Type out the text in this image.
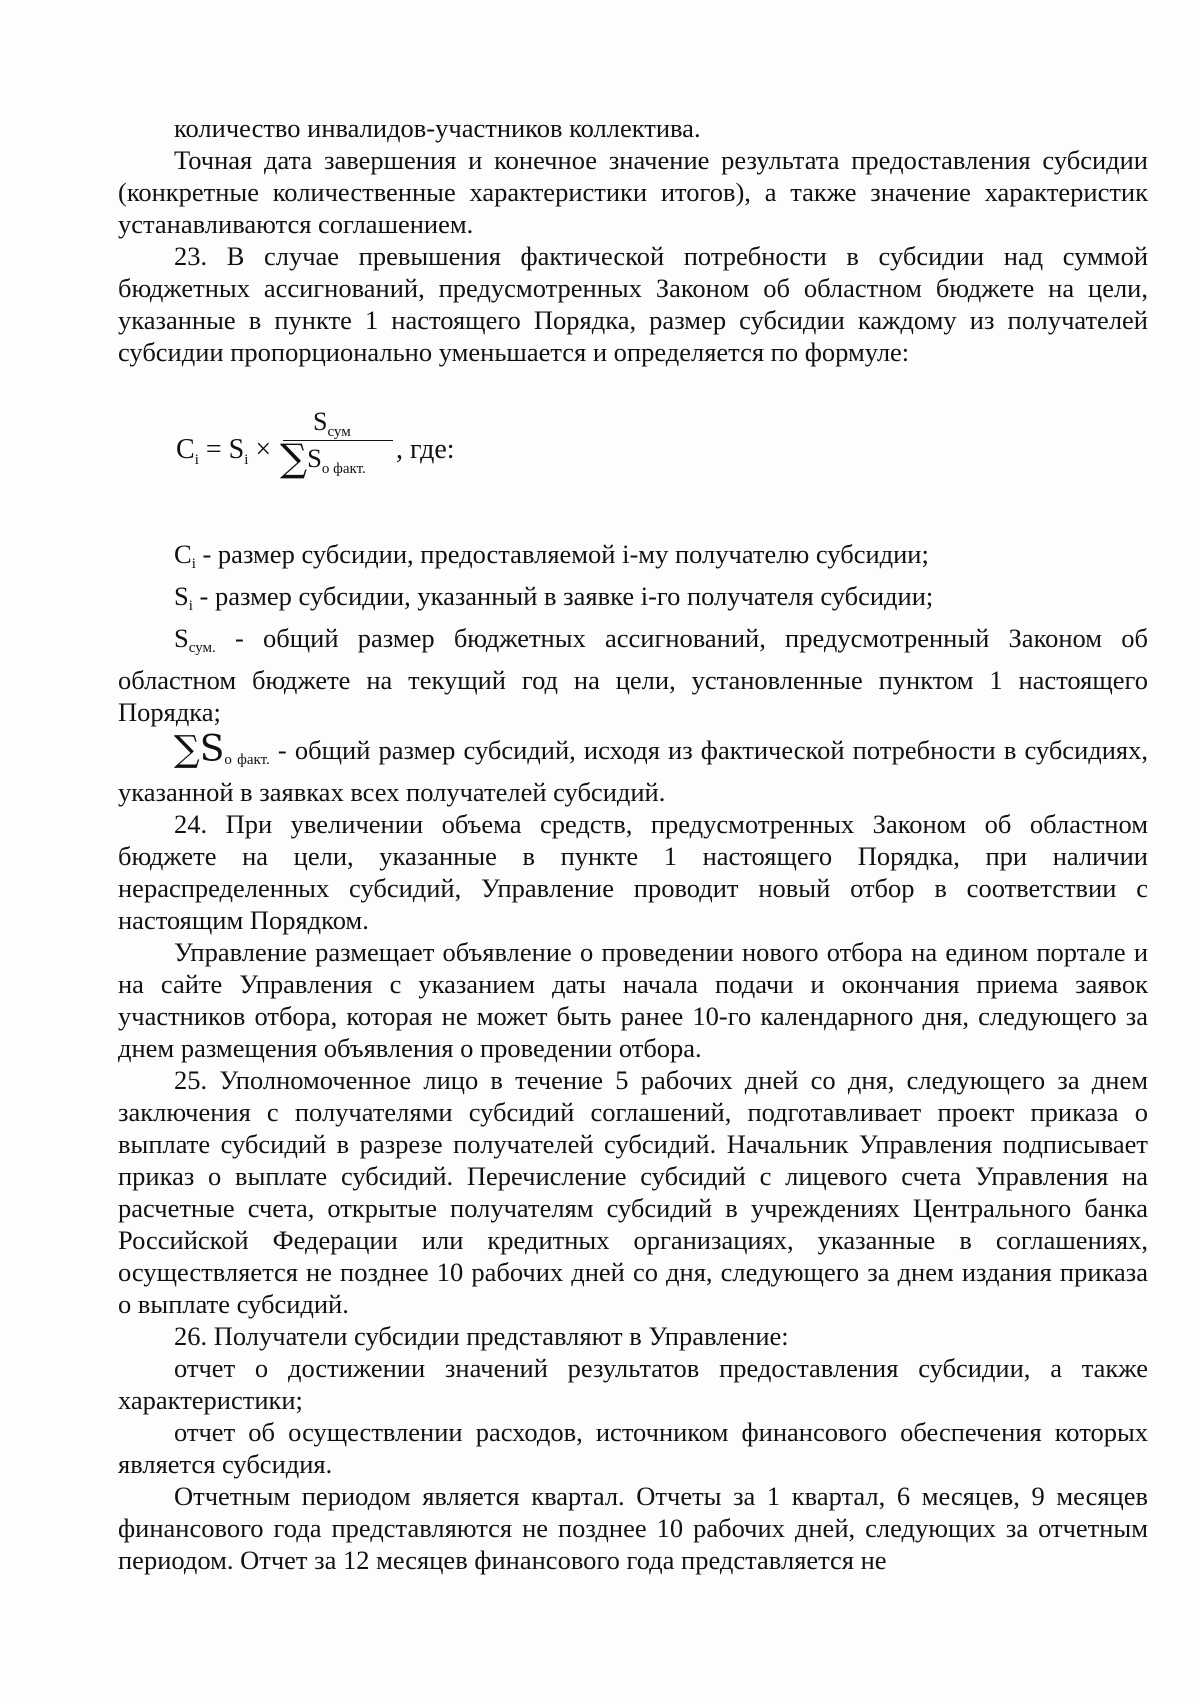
количество инвалидов-участников коллектива.

Точная дата завершения и конечное значение результата предоставления субсидии (конкретные количественные характеристики итогов), а также значение характеристик устанавливаются соглашением.

23. В случае превышения фактической потребности в субсидии над суммой бюджетных ассигнований, предусмотренных Законом об областном бюджете на цели, указанные в пункте 1 настоящего Порядка, размер субсидии каждому из получателей субсидии пропорционально уменьшается и определяется по формуле:

$C_i = S_i$ ×
$S_{сум}$
$\sum S_{о факт.}$
, где:

Ci - размер субсидии, предоставляемой i-му получателю субсидии;

Si - размер субсидии, указанный в заявке i-го получателя субсидии;

Sсум. - общий размер бюджетных ассигнований, предусмотренный Законом об областном бюджете на текущий год на цели, установленные пунктом 1 настоящего Порядка;

∑Sо факт. - общий размер субсидий, исходя из фактической потребности в субсидиях, указанной в заявках всех получателей субсидий.

24. При увеличении объема средств, предусмотренных Законом об областном бюджете на цели, указанные в пункте 1 настоящего Порядка, при наличии нераспределенных субсидий, Управление проводит новый отбор в соответствии с настоящим Порядком.

Управление размещает объявление о проведении нового отбора на едином портале и на сайте Управления с указанием даты начала подачи и окончания приема заявок участников отбора, которая не может быть ранее 10-го календарного дня, следующего за днем размещения объявления о проведении отбора.

25. Уполномоченное лицо в течение 5 рабочих дней со дня, следующего за днем заключения с получателями субсидий соглашений, подготавливает проект приказа о выплате субсидий в разрезе получателей субсидий. Начальник Управления подписывает приказ о выплате субсидий. Перечисление субсидий с лицевого счета Управления на расчетные счета, открытые получателям субсидий в учреждениях Центрального банка Российской Федерации или кредитных организациях, указанные в соглашениях, осуществляется не позднее 10 рабочих дней со дня, следующего за днем издания приказа о выплате субсидий.

26. Получатели субсидии представляют в Управление:

отчет о достижении значений результатов предоставления субсидии, а также характеристики;

отчет об осуществлении расходов, источником финансового обеспечения которых является субсидия.

Отчетным периодом является квартал. Отчеты за 1 квартал, 6 месяцев, 9 месяцев финансового года представляются не позднее 10 рабочих дней, следующих за отчетным периодом. Отчет за 12 месяцев финансового года представляется не
